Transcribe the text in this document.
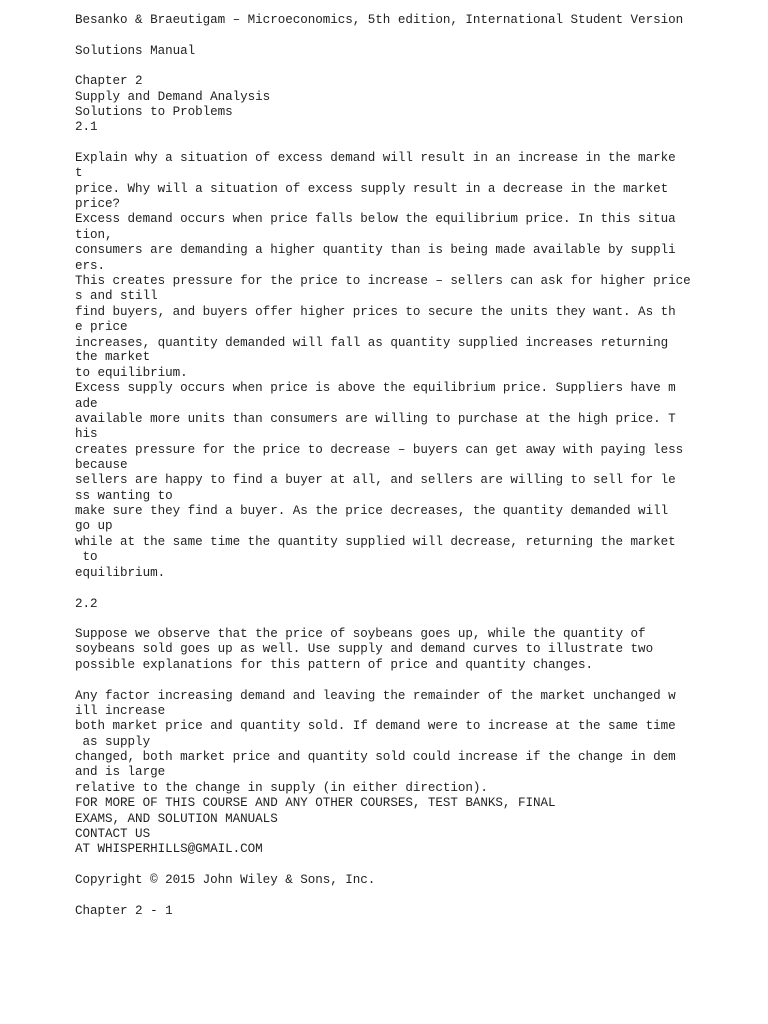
Besanko & Braeutigam – Microeconomics, 5th edition, International Student Version
Solutions Manual
Chapter 2
Supply and Demand Analysis
Solutions to Problems
2.1
Explain why a situation of excess demand will result in an increase in the marke
t
price. Why will a situation of excess supply result in a decrease in the market
price?
Excess demand occurs when price falls below the equilibrium price. In this situa
tion,
consumers are demanding a higher quantity than is being made available by suppli
ers.
This creates pressure for the price to increase – sellers can ask for higher price
s and still
find buyers, and buyers offer higher prices to secure the units they want. As th
e price
increases, quantity demanded will fall as quantity supplied increases returning
the market
to equilibrium.
Excess supply occurs when price is above the equilibrium price. Suppliers have m
ade
available more units than consumers are willing to purchase at the high price. T
his
creates pressure for the price to decrease – buyers can get away with paying less
because
sellers are happy to find a buyer at all, and sellers are willing to sell for le
ss wanting to
make sure they find a buyer. As the price decreases, the quantity demanded will
go up
while at the same time the quantity supplied will decrease, returning the market
to
equilibrium.
2.2
Suppose we observe that the price of soybeans goes up, while the quantity of
soybeans sold goes up as well. Use supply and demand curves to illustrate two
possible explanations for this pattern of price and quantity changes.
Any factor increasing demand and leaving the remainder of the market unchanged w
ill increase
both market price and quantity sold. If demand were to increase at the same time
as supply
changed, both market price and quantity sold could increase if the change in dem
and is large
relative to the change in supply (in either direction).
FOR MORE OF THIS COURSE AND ANY OTHER COURSES, TEST BANKS, FINAL
EXAMS, AND SOLUTION MANUALS
CONTACT US
AT WHISPERHILLS@GMAIL.COM
Copyright © 2015 John Wiley & Sons, Inc.
Chapter 2 - 1
